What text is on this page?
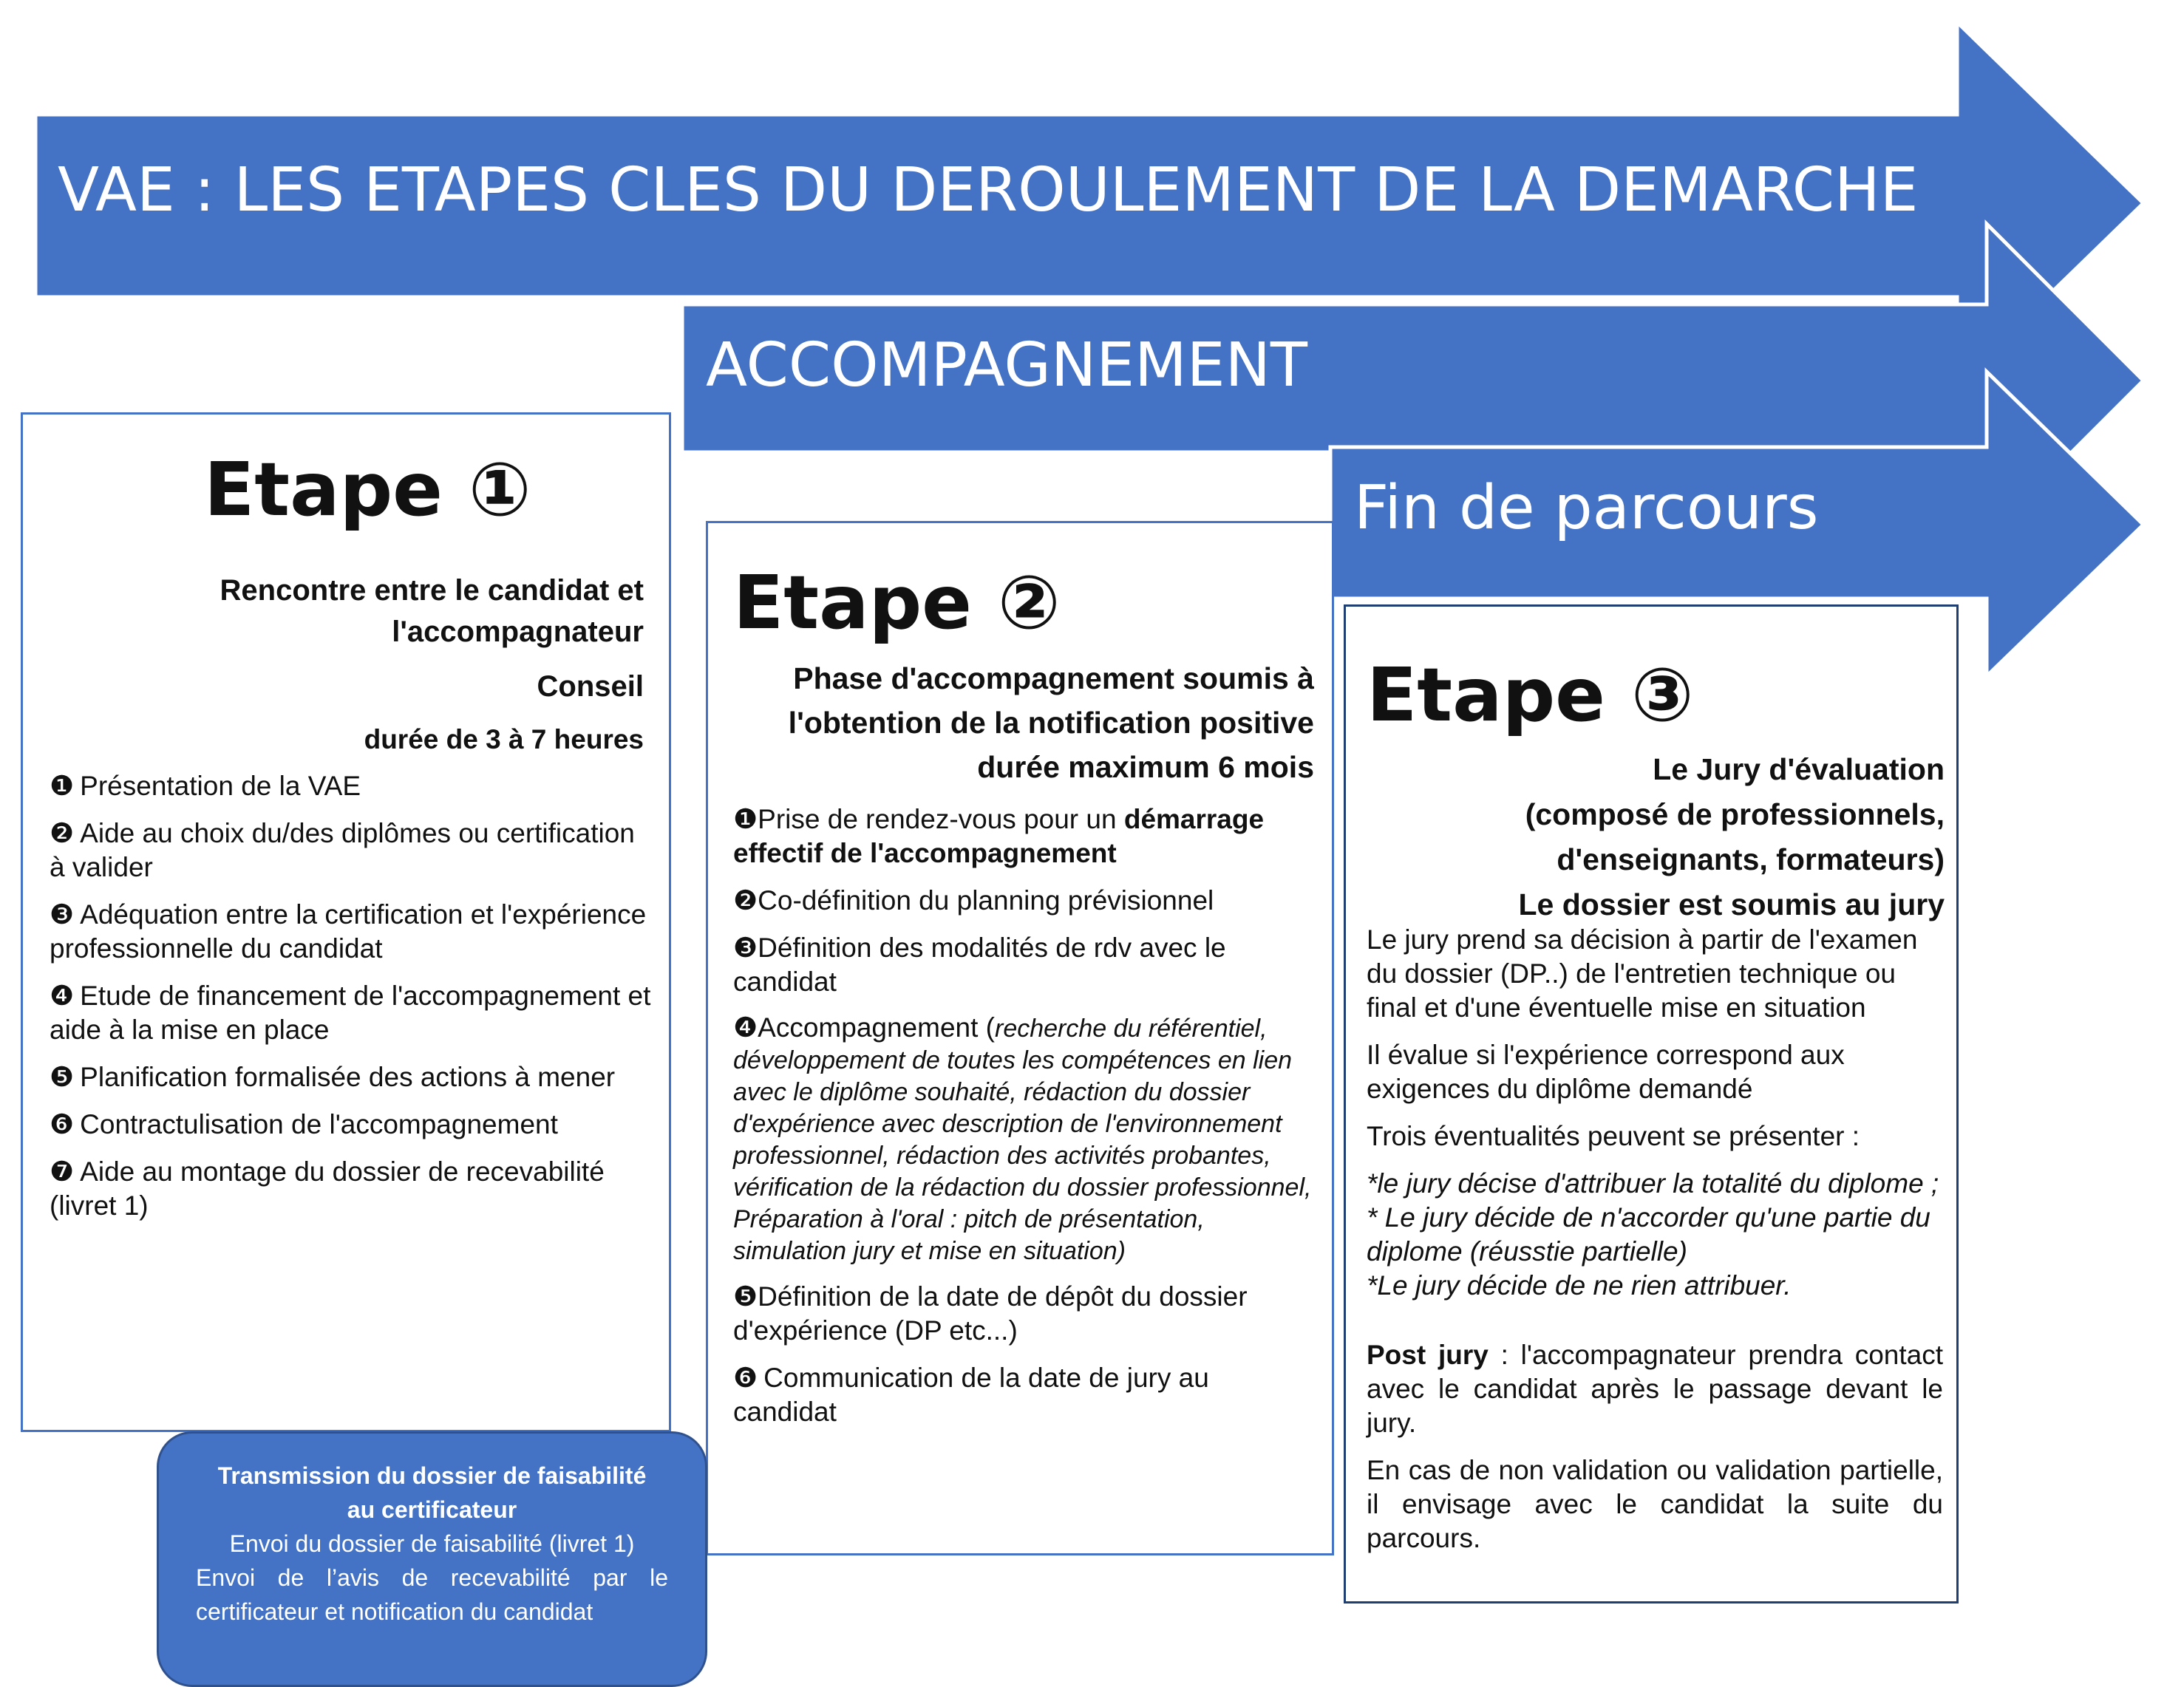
VAE : LES ETAPES CLES DU DEROULEMENT DE LA DEMARCHE
ACCOMPAGNEMENT
Fin de parcours
Etape ①
Rencontre entre le candidat et
l'accompagnateur
Conseil
durée de 3 à 7 heures

❶ Présentation de la VAE

❷ Aide au choix du/des diplômes ou certification à valider

❸ Adéquation entre la certification et l'expérience professionnelle du candidat

❹ Etude de financement de l'accompagnement et aide à la mise en place

❺ Planification formalisée des actions à mener

❻ Contractulisation de l'accompagnement

❼ Aide au montage du dossier de recevabilité (livret 1)

Etape ②
Phase d'accompagnement soumis à
l'obtention de la notification positive
durée maximum 6 mois

❶Prise de rendez-vous pour un démarrage effectif de l'accompagnement

❷Co-définition du planning prévisionnel

❸Définition des modalités de rdv avec le candidat

❹Accompagnement (recherche du référentiel, développement de toutes les compétences en lien avec le diplôme souhaité, rédaction du dossier d'expérience avec description de l'environnement professionnel, rédaction des activités probantes, vérification de la rédaction du dossier professionnel, Préparation à l'oral : pitch de présentation, simulation jury et mise en situation)

❺Définition de la date de dépôt du dossier d'expérience (DP etc...)

❻ Communication de la date de jury au candidat

Etape ③
Le Jury d'évaluation
(composé de professionnels,
d'enseignants, formateurs)
Le dossier est soumis au jury

Le jury prend sa décision à partir de l'examen du dossier (DP..) de l'entretien technique ou final et d'une éventuelle mise en situation

Il évalue si l'expérience correspond aux exigences du diplôme demandé

Trois éventualités peuvent se présenter :

*le jury décise d'attribuer la totalité du diplome ;
* Le jury décide de n'accorder qu'une partie du diplome (réusstie partielle)
*Le jury décide de ne rien attribuer.

Post jury : l'accompagnateur prendra contact avec le candidat après le passage devant le jury.

En cas de non validation ou validation partielle, il envisage avec le candidat la suite du parcours.

Transmission du dossier de faisabilité
au certificateur
Envoi du dossier de faisabilité (livret 1)
Envoi de l’avis de recevabilité par le certificateur et notification du candidat
